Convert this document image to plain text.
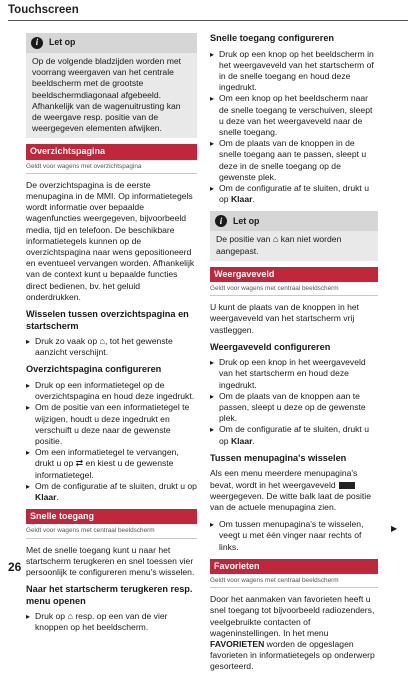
Touchscreen
i	Let op
Op de volgende bladzijden worden met voorrang weergaven van het centrale beeldscherm met de grootste beeldschermdiagonaal afgebeeld. Afhankelijk van de wagenuitrusting kan de weergave resp. positie van de weergegeven elementen afwijken.
Overzichtspagina
Geldt voor wagens met overzichtspagina

De overzichtspagina is de eerste menupagina in de MMI. Op informatietegels wordt informatie over bepaalde wagenfuncties weergegeven, bijvoorbeeld media, tijd en telefoon. De beschikbare informatietegels kunnen op de overzichtspagina naar wens gepositioneerd en eventueel vervangen worden. Afhankelijk van de context kunt u bepaalde functies direct bedienen, bv. het geluid onderdrukken.

Wisselen tussen overzichtspagina en startscherm
▸ Druk zo vaak op ⌂, tot het gewenste aanzicht verschijnt.
Overzichtspagina configureren
▸ Druk op een informatietegel op de overzichtspagina en houd deze ingedrukt.
▸ Om de positie van een informatietegel te wijzigen, houdt u deze ingedrukt en verschuift u deze naar de gewenste positie.
▸ Om een informatietegel te vervangen, drukt u op ⇄ en kiest u de gewenste informatietegel.
▸ Om de configuratie af te sluiten, drukt u op Klaar.
Snelle toegang
Geldt voor wagens met centraal beeldscherm

Met de snelle toegang kunt u naar het startscherm terugkeren en snel toessen vier persoonlijk te configureren menu's wisselen.

Naar het startscherm terugkeren resp. menu openen
▸ Druk op ⌂ resp. op een van de vier knoppen op het beeldscherm.
Snelle toegang configureren
▸ Druk op een knop op het beeldscherm in het weergaveveld van het startscherm of in de snelle toegang en houd deze ingedrukt.
▸ Om een knop op het beeldscherm naar de snelle toegang te verschuiven, sleept u deze van het weergaveveld naar de snelle toegang.
▸ Om de plaats van de knoppen in de snelle toegang aan te passen, sleept u deze in de snelle toegang op de gewenste plek.
▸ Om de configuratie af te sluiten, drukt u op Klaar.
i	Let op
De positie van ⌂ kan niet worden aangepast.
Weergaveveld
Geldt voor wagens met centraal beeldscherm

U kunt de plaats van de knoppen in het weergaveveld van het startscherm vrij vastleggen.

Weergaveveld configureren
▸ Druk op een knop in het weergaveveld van het startscherm en houd deze ingedrukt.
▸ Om de plaats van de knoppen aan te passen, sleept u deze op de gewenste plek.
▸ Om de configuratie af te sluiten, drukt u op Klaar.
Tussen menupagina's wisselen

Als een menu meerdere menupagina's bevat, wordt in het weergaveveld  weergegeven. De witte balk laat de positie van de actuele menupagina zien.

▸ Om tussen menupagina's te wisselen, veegt u met één vinger naar rechts of links.
Favorieten
Geldt voor wagens met centraal beeldscherm

Door het aanmaken van favorieten heeft u snel toegang tot bijvoorbeeld radiozenders, veelgebruikte contacten of wageninstellingen. In het menu FAVORIETEN worden de opgeslagen favorieten in informatietegels op onderwerp gesorteerd.

▶
26
